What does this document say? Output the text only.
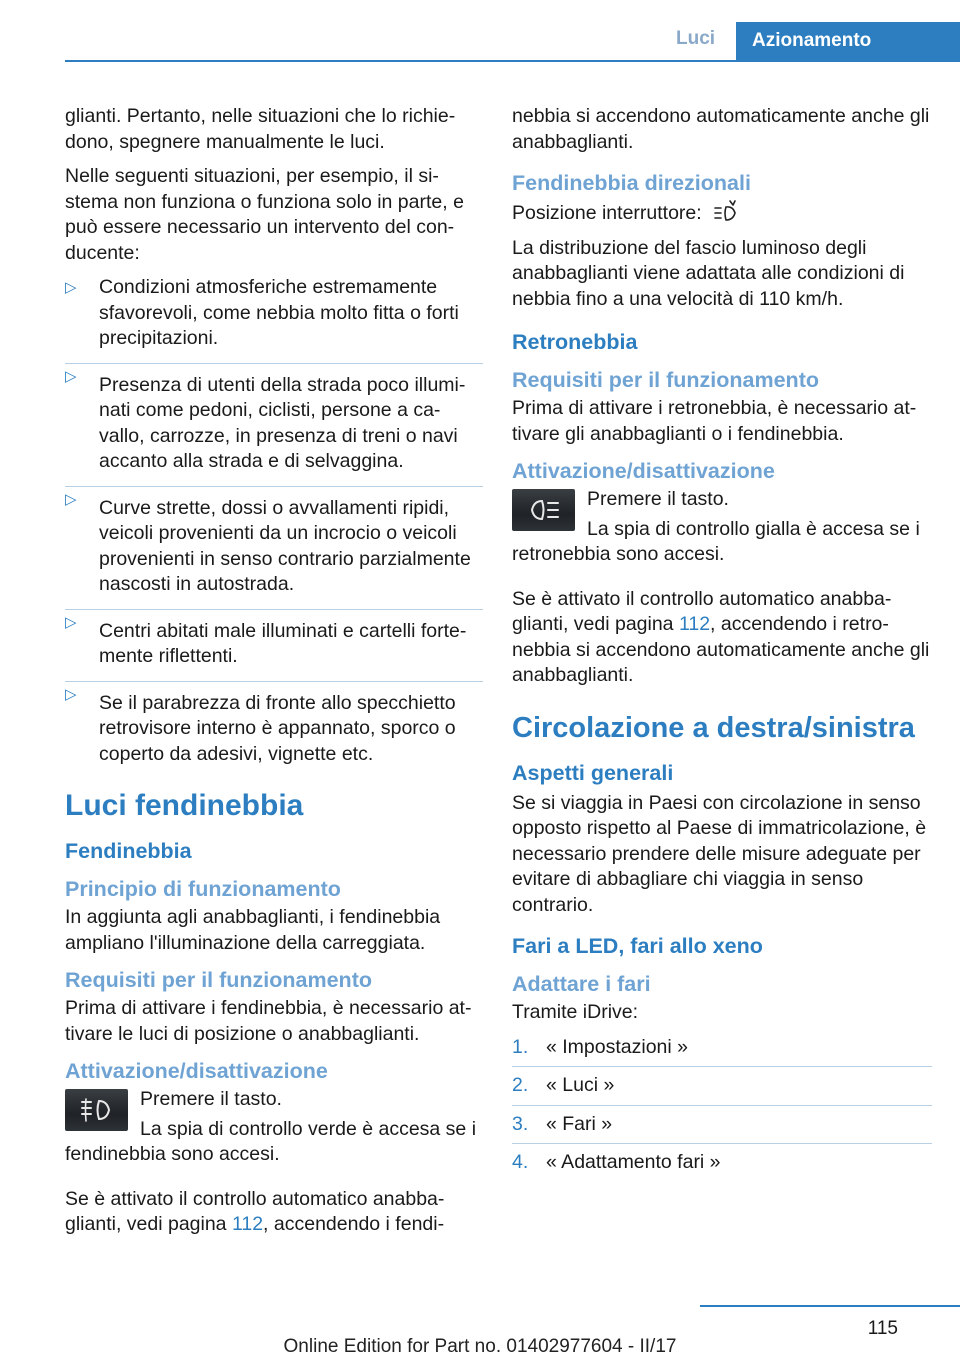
Luci	Azionamento

glianti. Pertanto, nelle situazioni che lo richie-dono, spegnere manualmente le luci.

Nelle seguenti situazioni, per esempio, il si-stema non funziona o funziona solo in parte, e può essere necessario un intervento del con-ducente:

▷ Condizioni atmosferiche estremamente sfavorevoli, come nebbia molto fitta o forti precipitazioni.
▷ Presenza di utenti della strada poco illumi-nati come pedoni, ciclisti, persone a ca-vallo, carrozze, in presenza di treni o navi accanto alla strada e di selvaggina.
▷ Curve strette, dossi o avvallamenti ripidi, veicoli provenienti da un incrocio o veicoli provenienti in senso contrario parzialmente nascosti in autostrada.
▷ Centri abitati male illuminati e cartelli forte-mente riflettenti.
▷ Se il parabrezza di fronte allo specchietto retrovisore interno è appannato, sporco o coperto da adesivi, vignette etc.
Luci fendinebbia
Fendinebbia
Principio di funzionamento

In aggiunta agli anabbaglianti, i fendinebbia ampliano l'illuminazione della carreggiata.

Requisiti per il funzionamento

Prima di attivare i fendinebbia, è necessario at-tivare le luci di posizione o anabbaglianti.

Attivazione/disattivazione

Premere il tasto.

La spia di controllo verde è accesa se i fendinebbia sono accesi.

Se è attivato il controllo automatico anabba-glianti, vedi pagina 112, accendendo i fendi-

nebbia si accendono automaticamente anche gli anabbaglianti.

Fendinebbia direzionali

Posizione interruttore:

La distribuzione del fascio luminoso degli anabbaglianti viene adattata alle condizioni di nebbia fino a una velocità di 110 km/h.

Retronebbia
Requisiti per il funzionamento

Prima di attivare i retronebbia, è necessario at-tivare gli anabbaglianti o i fendinebbia.

Attivazione/disattivazione

Premere il tasto.

La spia di controllo gialla è accesa se i retronebbia sono accesi.

Se è attivato il controllo automatico anabba-glianti, vedi pagina 112, accendendo i retro-nebbia si accendono automaticamente anche gli anabbaglianti.

Circolazione a destra/sinistra
Aspetti generali

Se si viaggia in Paesi con circolazione in senso opposto rispetto al Paese di immatricolazione, è necessario prendere delle misure adeguate per evitare di abbagliare chi viaggia in senso contrario.

Fari a LED, fari allo xeno
Adattare i fari

Tramite iDrive:

1. « Impostazioni »
2. « Luci »
3. « Fari »
4. « Adattamento fari »
115
Online Edition for Part no. 01402977604 - II/17
